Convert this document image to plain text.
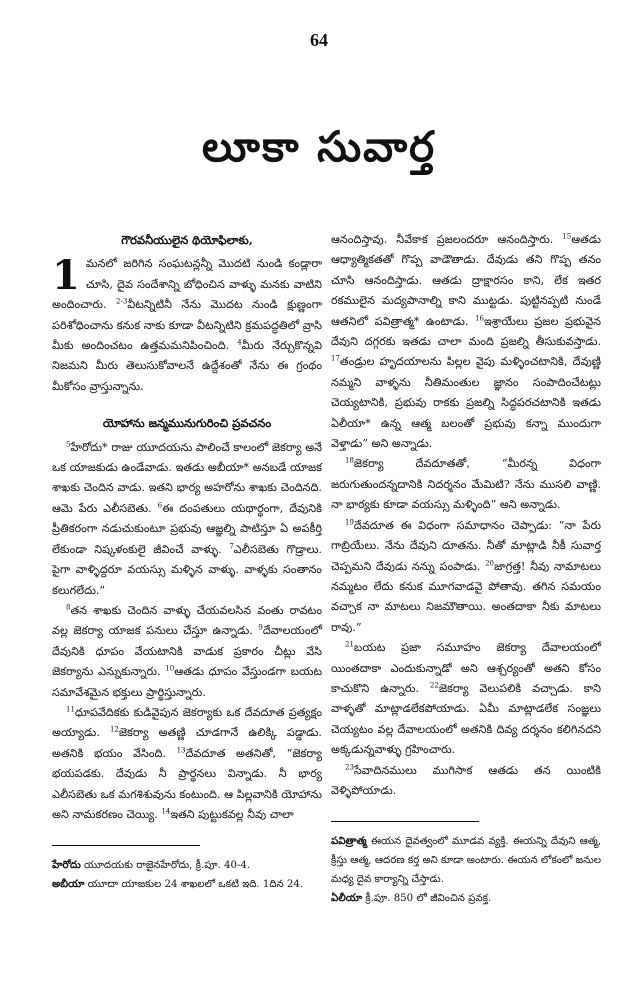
64
లూకా సువార్త
గౌరవనీయులైన థియోఫిలాకు,

1 మనలో జరిగిన సంఘటన్లన్నీ మొదటి నుండి కండ్లారా చూసి, దైవ సందేశాన్ని బోధించిన వాళ్ళు మనకు వాటిని అందించారు. $^{2-3}$వీటన్నిటినీ నేను మొదట నుండి క్షుణ్ణంగా పరిశోధించాను కనుక నాకు కూడా వీటన్నిటిని క్రమపద్ధతిలో వ్రాసి మీకు అందించటం ఉత్తమమనిపించింది. $^4$మీరు నేర్చుకొన్నవి నిజమని మీరు తెలుసుకోవాలనే ఉద్దేశంతో నేను ఈ గ్రంథం మీకోసం వ్రాస్తున్నాను.

యోహాను జన్మమునుగురించి ప్రవచనం

$^5$హేరోదు* రాజు యూదయను పాలించే కాలంలో జెకర్యా అనే ఒక యాజకుడు ఉండేవాడు. ఇతడు అబీయా* అనబడే యాజక శాఖకు చెందిన వాడు. ఇతని భార్య అహరోను శాఖకు చెందినది. ఆమె పేరు ఎలీసబెతు. $^6$ఈ దంపతులు యథార్థంగా, దేవునికి ప్రీతికరంగా నడుచుకుంటూ ప్రభువు ఆజ్ఞల్ని పాటిస్తూ ఏ అపకీర్తి లేకుండా నిష్కళంకులై జీవించే వాళ్ళు. $^7$ఎలీసబెతు గొడ్రాలు. పైగా వాళ్ళిద్దరూ వయస్సు మళ్ళిన వాళ్ళు. వాళ్ళకు సంతానం కలుగలేదు.”

$^8$తన శాఖకు చెందిన వాళ్ళు చేయవలసిన వంతు రావటం వల్ల జెకర్యా యాజక పనులు చేస్తూ ఉన్నాడు. $^9$దేవాలయంలో దేవునికి ధూపం వేయటానికి వాడుక ప్రకారం చీట్లు వేసి జెకర్యాను ఎన్నుకున్నారు. $^{10}$ఆతడు ధూపం వేస్తుండగా బయట సమావేశమైన భక్తులు ప్రార్థిస్తున్నారు.

$^{11}$ధూపవేదికకు కుడివైపున జెకర్యాకు ఒక దేవదూత ప్రత్యక్షం అయ్యాడు. $^{12}$జెకర్యా అతణ్ణి చూడగానే ఉలిక్కి పడ్డాడు. అతనికి భయం వేసింది. $^{13}$దేవదూత అతనితో, “జెకర్యా భయపడకు. దేవుడు నీ ప్రార్థనలు విన్నాడు. నీ భార్య ఎలీసబెతు ఒక మగశిశువును కంటుంది. ఆ పిల్లవానికి యోహాను అని నామకరణం చెయ్యి. $^{14}$ఇతని పుట్టుకవల్ల నీవు చాలా

హేరోదు యూదయకు రాజైనహేరోదు, క్రీ.పూ. 40-4.

అబీయా యూదా యాజకుల 24 శాఖలలో ఒకటి ఇది. 1దిన 24.

ఆనందిస్తావు. నీవేకాక ప్రజలందరూ ఆనందిస్తారు. $^{15}$ఆతడు ఆధ్యాత్మికతతో గొప్ప వాడౌతాడు. దేవుడు తని గొప్ప తనం చూసి ఆనందిస్తాడు. ఆతడు ద్రాక్షారసం కాని, లేక ఇతర రకములైన మద్యపానాల్ని కాని ముట్టడు. పుట్టినప్పటి నుండే ఆతనిలో పవిత్రాత్మ* ఉంటాడు. $^{16}$ఇశ్రాయేలు ప్రజల ప్రభువైన దేవుని దగ్గరకు ఇతడు చాలా మంది ప్రజల్ని తీసుకువస్తాడు. $^{17}$తండ్రుల హృదయాలను పిల్లల వైపు మళ్ళించటానికి, దేవుణ్ణి నమ్మని వాళ్ళను నీతిమంతుల జ్ఞానం సంపాదించేటట్లు చెయ్యటానికి, ప్రభువు రాకకు ప్రజల్ని సిద్ధపరచటానికి ఇతడు ఏలీయా* ఉన్న ఆత్మ బలంతో ప్రభువు కన్నా ముందుగా వెళ్తాడు” అని అన్నాడు.

$^{18}$జెకర్యా దేవదూతతో, “మీరన్న విధంగా జరుగుతుందన్నదానికి నిదర్శనం మేమిటి? నేను ముసలి వాణ్ణి. నా భార్యకు కూడా వయస్సు మళ్ళింది” అని అన్నాడు.

$^{19}$దేవదూత ఈ విధంగా సమాధానం చెప్పాడు: “నా పేరు గాబ్రియేలు. నేను దేవుని దూతను. నీతో మాట్లాడి నీకీ సువార్త చెప్పమని దేవుడు నన్ను పంపాడు. $^{20}$జాగ్రత్త! నీవు నామాటలు నమ్మటం లేదు కనుక మూగవాడవై పోతావు. తగిన సమయం వచ్చాక నా మాటలు నిజమౌతాయి. అంతదాకా నీకు మాటలు రావు.”

$^{21}$బయట ప్రజా సమూహం జెకర్యా దేవాలయంలో యింతదాకా ఎందుకున్నాడో అని ఆశ్చర్యంతో అతని కోసం కాచుకొని ఉన్నారు. $^{22}$జెకర్యా వెలుపలికి వచ్చాడు. కాని వాళ్ళతో మాట్లాడలేకపోయాడు. ఏమీ మాట్లాడలేక సంజ్ఞలు చెయ్యటం వల్ల దేవాలయంలో అతనికి దివ్య దర్శనం కలిగినదని అక్కడున్నవాళ్ళు గ్రహించారు.

$^{23}$సేవాదినములు ముగిసాక ఆతడు తన యింటికి వెళ్ళిపోయాడు.

పవిత్రాత్మ ఈయన దైవత్వంలో మూడవ వ్యక్తి. ఈయన్ని దేవుని ఆత్మ, క్రీస్తు ఆత్మ, ఆదరణ కర్త అని కూడా అంటారు. ఈయన లోకంలో జనుల మధ్య దైవ కార్యాన్ని చేస్తాడు.

ఏలీయా క్రీ.పూ. 850 లో జీవించిన ప్రవక్త.
